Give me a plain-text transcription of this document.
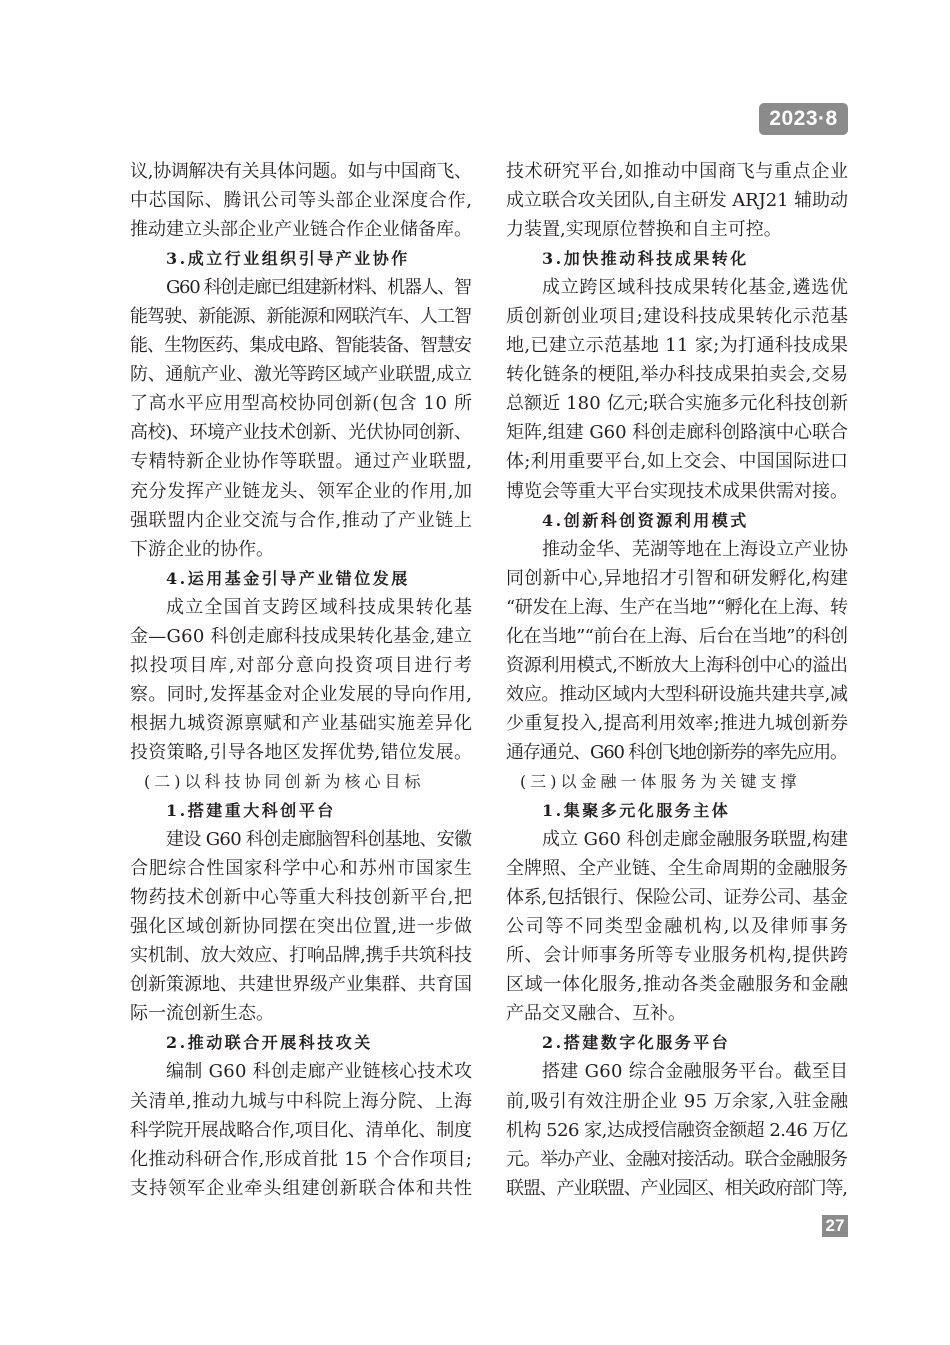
2023·8
议,协调解决有关具体问题。如与中国商飞、
中芯国际、腾讯公司等头部企业深度合作,
推动建立头部企业产业链合作企业储备库。
3.成立行业组织引导产业协作
G60 科创走廊已组建新材料、机器人、智
能驾驶、新能源、新能源和网联汽车、人工智
能、生物医药、集成电路、智能装备、智慧安
防、通航产业、激光等跨区域产业联盟,成立
了高水平应用型高校协同创新(包含 10 所
高校)、环境产业技术创新、光伏协同创新、
专精特新企业协作等联盟。通过产业联盟,
充分发挥产业链龙头、领军企业的作用,加
强联盟内企业交流与合作,推动了产业链上
下游企业的协作。
4.运用基金引导产业错位发展
成立全国首支跨区域科技成果转化基
金—G60 科创走廊科技成果转化基金,建立
拟投项目库,对部分意向投资项目进行考
察。同时,发挥基金对企业发展的导向作用,
根据九城资源禀赋和产业基础实施差异化
投资策略,引导各地区发挥优势,错位发展。
(二)以科技协同创新为核心目标
1.搭建重大科创平台
建设 G60 科创走廊脑智科创基地、安徽
合肥综合性国家科学中心和苏州市国家生
物药技术创新中心等重大科技创新平台,把
强化区域创新协同摆在突出位置,进一步做
实机制、放大效应、打响品牌,携手共筑科技
创新策源地、共建世界级产业集群、共育国
际一流创新生态。
2.推动联合开展科技攻关
编制 G60 科创走廊产业链核心技术攻
关清单,推动九城与中科院上海分院、上海
科学院开展战略合作,项目化、清单化、制度
化推动科研合作,形成首批 15 个合作项目;
支持领军企业牵头组建创新联合体和共性
技术研究平台,如推动中国商飞与重点企业
成立联合攻关团队,自主研发 ARJ21 辅助动
力装置,实现原位替换和自主可控。
3.加快推动科技成果转化
成立跨区域科技成果转化基金,遴选优
质创新创业项目;建设科技成果转化示范基
地,已建立示范基地 11 家;为打通科技成果
转化链条的梗阻,举办科技成果拍卖会,交易
总额近 180 亿元;联合实施多元化科技创新
矩阵,组建 G60 科创走廊科创路演中心联合
体;利用重要平台,如上交会、中国国际进口
博览会等重大平台实现技术成果供需对接。
4.创新科创资源利用模式
推动金华、芜湖等地在上海设立产业协
同创新中心,异地招才引智和研发孵化,构建
“研发在上海、生产在当地”“孵化在上海、转
化在当地”“前台在上海、后台在当地”的科创
资源利用模式,不断放大上海科创中心的溢出
效应。推动区域内大型科研设施共建共享,减
少重复投入,提高利用效率;推进九城创新券
通存通兑、G60 科创飞地创新券的率先应用。
(三)以金融一体服务为关键支撑
1.集聚多元化服务主体
成立 G60 科创走廊金融服务联盟,构建
全牌照、全产业链、全生命周期的金融服务
体系,包括银行、保险公司、证券公司、基金
公司等不同类型金融机构,以及律师事务
所、会计师事务所等专业服务机构,提供跨
区域一体化服务,推动各类金融服务和金融
产品交叉融合、互补。
2.搭建数字化服务平台
搭建 G60 综合金融服务平台。截至目
前,吸引有效注册企业 95 万余家,入驻金融
机构 526 家,达成授信融资金额超 2.46 万亿
元。举办产业、金融对接活动。联合金融服务
联盟、产业联盟、产业园区、相关政府部门等,
27
